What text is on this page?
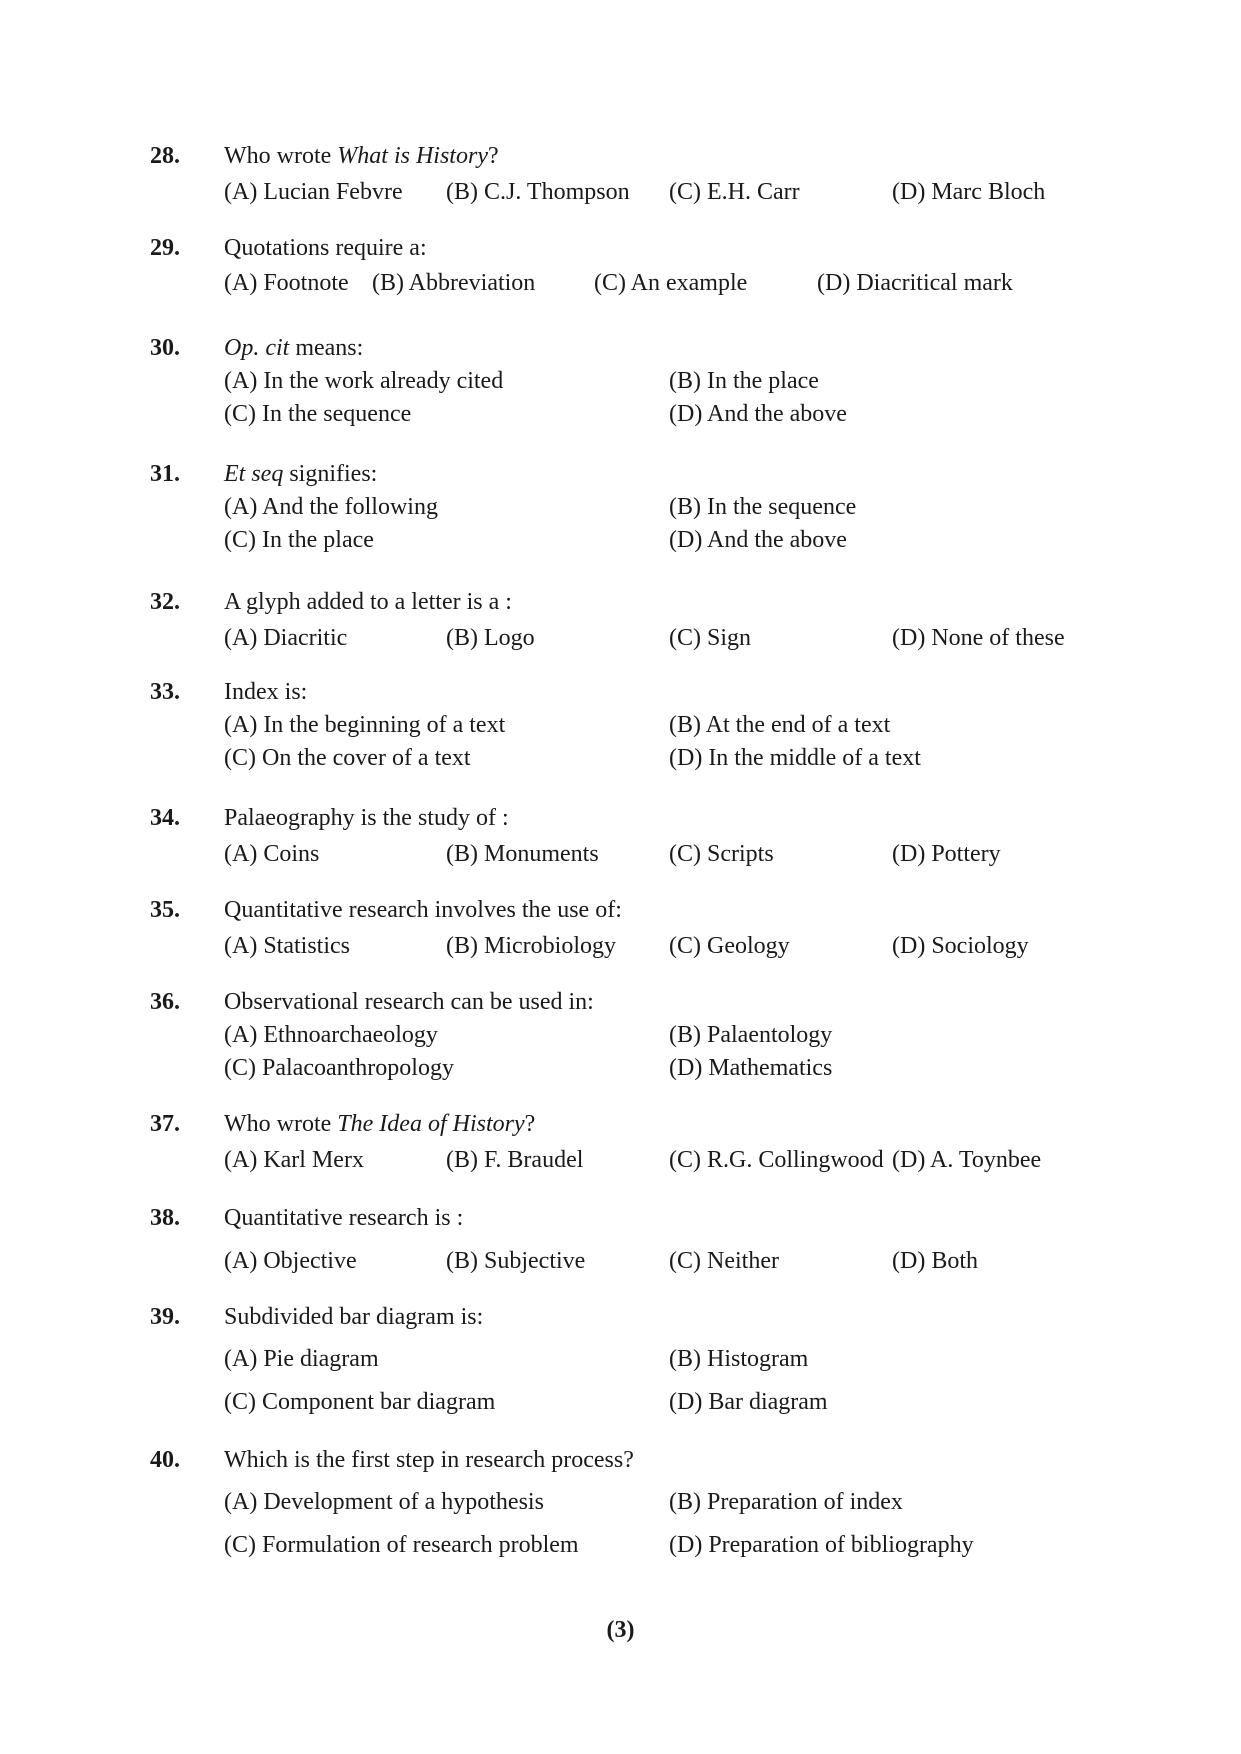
28. Who wrote What is History?
(A) Lucian Febvre (B) C.J. Thompson (C) E.H. Carr	(D) Marc Bloch
29. Quotations require a:
(A) Footnote (B) Abbreviation (C) An example	(D) Diacritical mark
30. Op. cit means:
(A) In the work already cited	(B) In the place
(C) In the sequence	(D) And the above
31. Et seq signifies:
(A) And the following	(B) In the sequence
(C) In the place	(D) And the above
32. A glyph added to a letter is a :
(A) Diacritic	(B) Logo	(C) Sign	(D) None of these
33. Index is:
(A) In the beginning of a text	(B) At the end of a text
(C) On the cover of a text	(D) In the middle of a text
34. Palaeography is the study of :
(A) Coins	(B) Monuments	(C) Scripts	(D) Pottery
35. Quantitative research involves the use of:
(A) Statistics	(B) Microbiology (C) Geology	(D) Sociology
36. Observational research can be used in:
(A) Ethnoarchaeology	(B) Palaentology
(C) Palacoanthropology	(D) Mathematics
37. Who wrote The Idea of History?
(A) Karl Merx	(B) F. Braudel	(C) R.G. Collingwood (D) A. Toynbee
38. Quantitative research is :
(A) Objective	(B) Subjective	(C) Neither	(D) Both
39. Subdivided bar diagram is:
(A) Pie diagram	(B) Histogram
(C) Component bar diagram	(D) Bar diagram
40. Which is the first step in research process?
(A) Development of a hypothesis	(B) Preparation of index
(C) Formulation of research problem	(D) Preparation of bibliography
(3)
